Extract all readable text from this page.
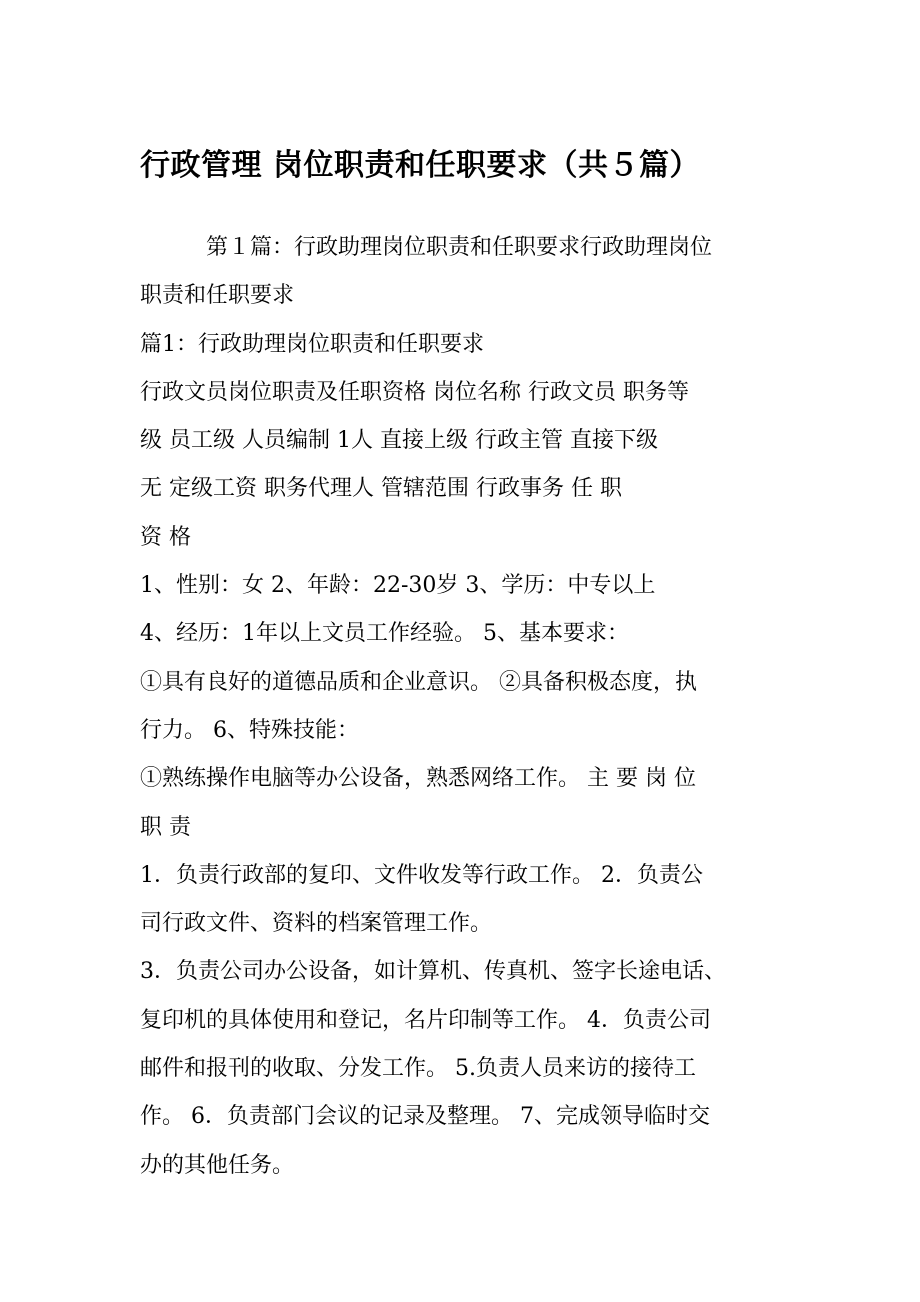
行政管理 岗位职责和任职要求（共５篇）
第１篇：行政助理岗位职责和任职要求行政助理岗位
职责和任职要求
篇1：行政助理岗位职责和任职要求
行政文员岗位职责及任职资格 岗位名称 行政文员 职务等
级 员工级 人员编制 1人 直接上级 行政主管 直接下级
无 定级工资 职务代理人 管辖范围 行政事务 任 职
资 格
1、性别：女 2、年龄：22-30岁 3、学历：中专以上
4、经历：1年以上文员工作经验。 5、基本要求：
①具有良好的道德品质和企业意识。 ②具备积极态度，执
行力。 6、特殊技能：
①熟练操作电脑等办公设备，熟悉网络工作。 主 要 岗 位
职 责
1．负责行政部的复印、文件收发等行政工作。 2．负责公
司行政文件、资料的档案管理工作。
3．负责公司办公设备，如计算机、传真机、签字长途电话、
复印机的具体使用和登记，名片印制等工作。 4．负责公司
邮件和报刊的收取、分发工作。 5.负责人员来访的接待工
作。 6．负责部门会议的记录及整理。 7、完成领导临时交
办的其他任务。
